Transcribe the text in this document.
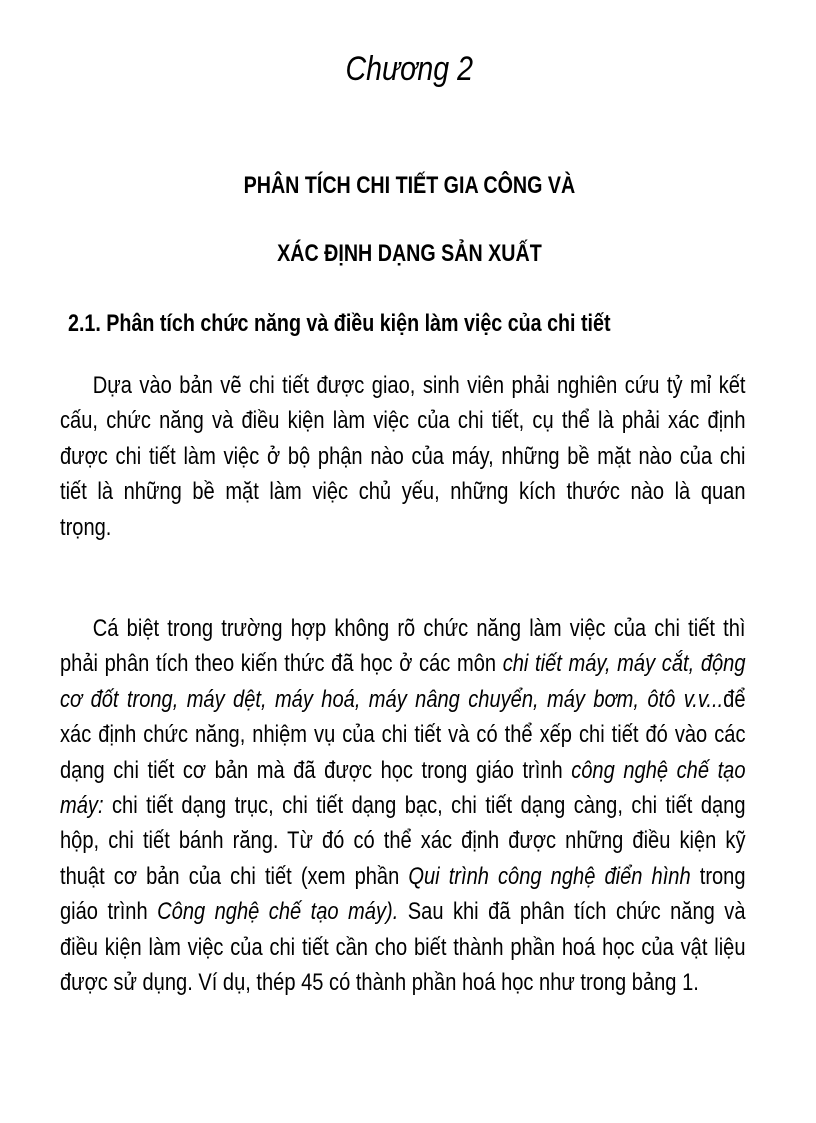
Chương 2
PHÂN TÍCH CHI TIẾT GIA CÔNG VÀ
XÁC ĐỊNH DẠNG SẢN XUẤT
2.1. Phân tích chức năng và điều kiện làm việc của chi tiết
Dựa vào bản vẽ chi tiết được giao, sinh viên phải nghiên cứu tỷ mỉ kết
cấu, chức năng và điều kiện làm việc của chi tiết, cụ thể là phải xác định
được chi tiết làm việc ở bộ phận nào của máy, những bề mặt nào của chi
tiết là những bề mặt làm việc chủ yếu, những kích thước nào là quan
trọng.
Cá biệt trong trường hợp không rõ chức năng làm việc của chi tiết thì
phải phân tích theo kiến thức đã học ở các môn chi tiết máy, máy cắt, động
cơ đốt trong, máy dệt, máy hoá, máy nâng chuyển, máy bơm, ôtô v.v...để
xác định chức năng, nhiệm vụ của chi tiết và có thể xếp chi tiết đó vào các
dạng chi tiết cơ bản mà đã được học trong giáo trình công nghệ chế tạo
máy: chi tiết dạng trục, chi tiết dạng bạc, chi tiết dạng càng, chi tiết dạng
hộp, chi tiết bánh răng. Từ đó có thể xác định được những điều kiện kỹ
thuật cơ bản của chi tiết (xem phần Qui trình công nghệ điển hình trong
giáo trình Công nghệ chế tạo máy). Sau khi đã phân tích chức năng và
điều kiện làm việc của chi tiết cần cho biết thành phần hoá học của vật liệu
được sử dụng. Ví dụ, thép 45 có thành phần hoá học như trong bảng 1.
